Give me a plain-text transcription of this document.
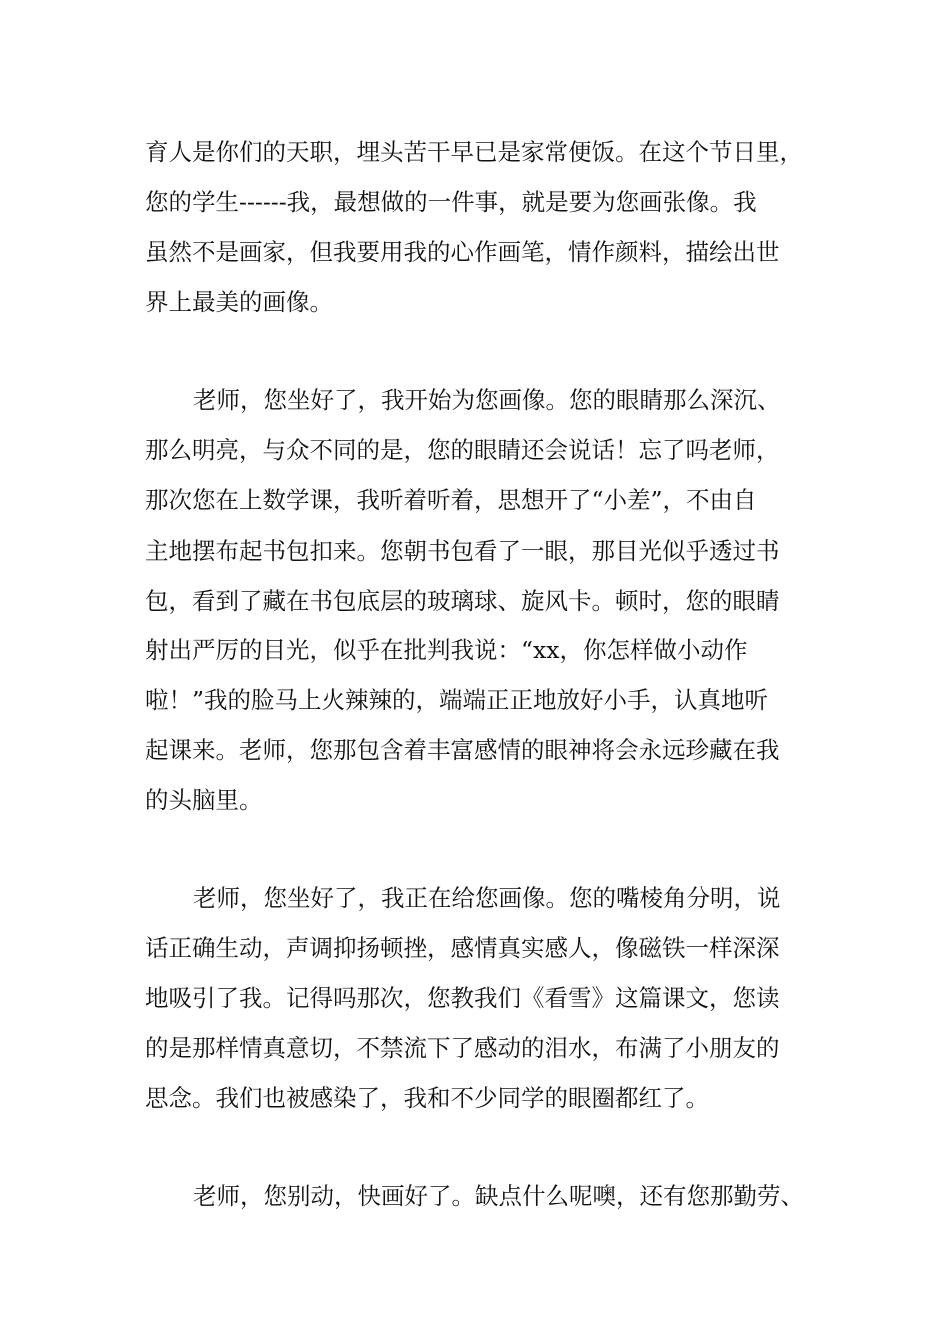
育人是你们的天职，埋头苦干早已是家常便饭。在这个节日里，
您的学生------我，最想做的一件事，就是要为您画张像。我
虽然不是画家，但我要用我的心作画笔，情作颜料，描绘出世
界上最美的画像。
老师，您坐好了，我开始为您画像。您的眼睛那么深沉、
那么明亮，与众不同的是，您的眼睛还会说话！忘了吗老师，
那次您在上数学课，我听着听着，思想开了“小差”，不由自
主地摆布起书包扣来。您朝书包看了一眼，那目光似乎透过书
包，看到了藏在书包底层的玻璃球、旋风卡。顿时，您的眼睛
射出严厉的目光，似乎在批判我说：“xx，你怎样做小动作
啦！”我的脸马上火辣辣的，端端正正地放好小手，认真地听
起课来。老师，您那包含着丰富感情的眼神将会永远珍藏在我
的头脑里。
老师，您坐好了，我正在给您画像。您的嘴棱角分明，说
话正确生动，声调抑扬顿挫，感情真实感人，像磁铁一样深深
地吸引了我。记得吗那次，您教我们《看雪》这篇课文，您读
的是那样情真意切，不禁流下了感动的泪水，布满了小朋友的
思念。我们也被感染了，我和不少同学的眼圈都红了。
老师，您别动，快画好了。缺点什么呢噢，还有您那勤劳、
